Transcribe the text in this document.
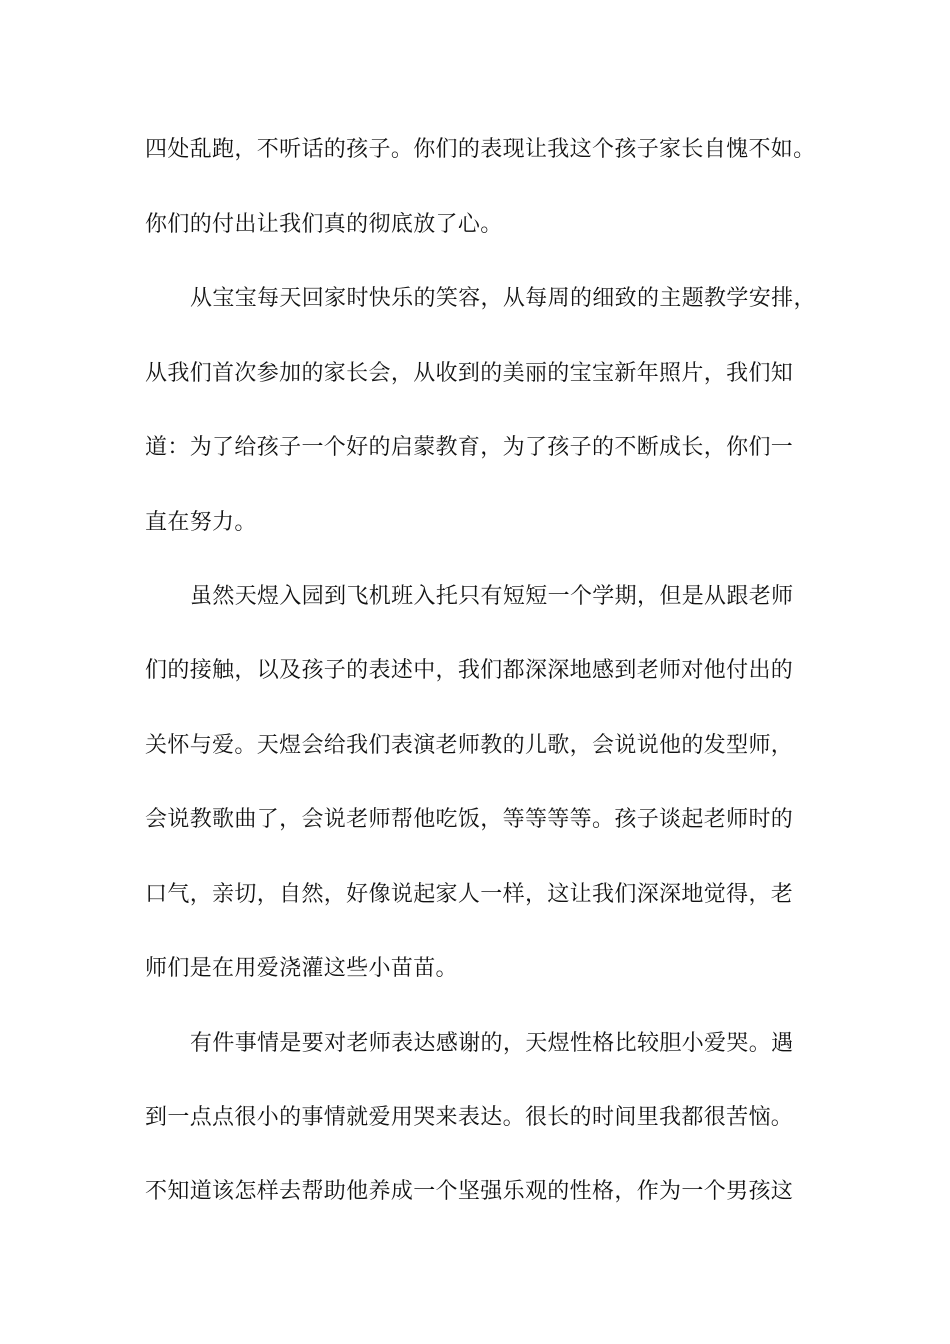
四处乱跑，不听话的孩子。你们的表现让我这个孩子家长自愧不如。
你们的付出让我们真的彻底放了心。
从宝宝每天回家时快乐的笑容，从每周的细致的主题教学安排，
从我们首次参加的家长会，从收到的美丽的宝宝新年照片，我们知
道：为了给孩子一个好的启蒙教育，为了孩子的不断成长，你们一
直在努力。
虽然天煜入园到飞机班入托只有短短一个学期，但是从跟老师
们的接触，以及孩子的表述中，我们都深深地感到老师对他付出的
关怀与爱。天煜会给我们表演老师教的儿歌，会说说他的发型师，
会说教歌曲了，会说老师帮他吃饭，等等等等。孩子谈起老师时的
口气，亲切，自然，好像说起家人一样，这让我们深深地觉得，老
师们是在用爱浇灌这些小苗苗。
有件事情是要对老师表达感谢的，天煜性格比较胆小爱哭。遇
到一点点很小的事情就爱用哭来表达。很长的时间里我都很苦恼。
不知道该怎样去帮助他养成一个坚强乐观的性格，作为一个男孩这
